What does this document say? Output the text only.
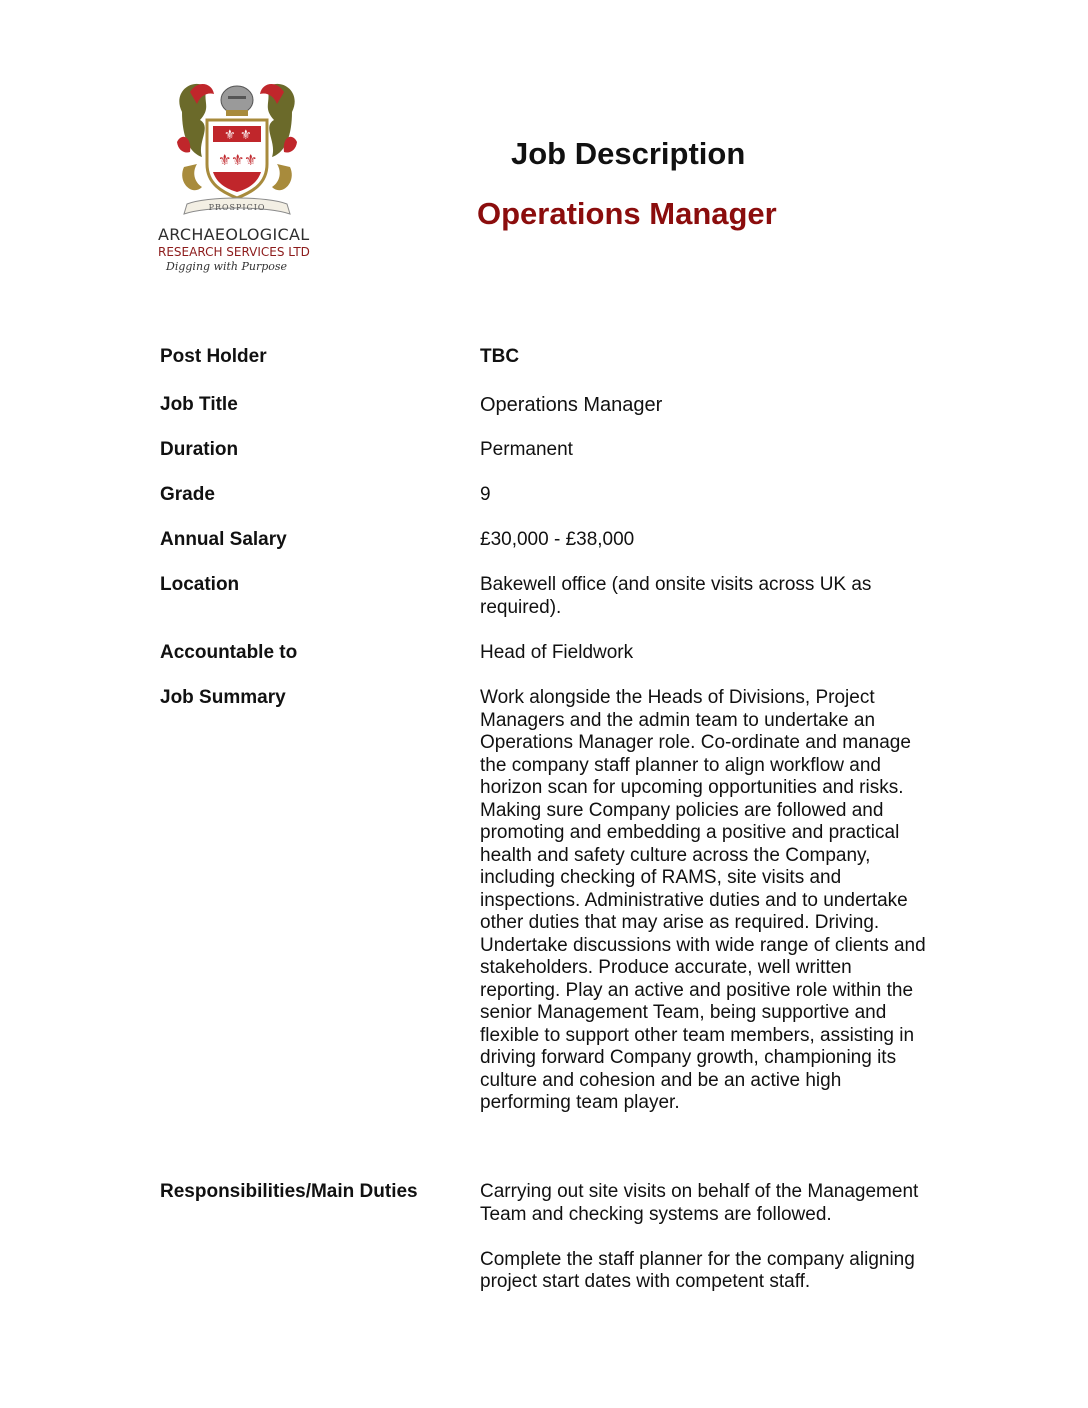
⚜ ⚜
⚜ ⚜ ⚜
PROSPICIO
ARCHAEOLOGICAL
RESEARCH SERVICES LTD
Digging with Purpose
Job Description
Operations Manager
Post Holder	TBC
Job Title	Operations Manager
Duration	Permanent
Grade	9
Annual Salary	£30,000 - £38,000
Location	Bakewell office (and onsite visits across UK as required).
Accountable to	Head of Fieldwork
Job Summary	Work alongside the Heads of Divisions, Project Managers and the admin team to undertake an Operations Manager role. Co-ordinate and manage the company staff planner to align workflow and horizon scan for upcoming opportunities and risks. Making sure Company policies are followed and promoting and embedding a positive and practical health and safety culture across the Company, including checking of RAMS, site visits and inspections. Administrative duties and to undertake other duties that may arise as required. Driving. Undertake discussions with wide range of clients and stakeholders. Produce accurate, well written reporting. Play an active and positive role within the senior Management Team, being supportive and flexible to support other team members, assisting in driving forward Company growth, championing its culture and cohesion and be an active high performing team player.
Responsibilities/Main Duties	Carrying out site visits on behalf of the Management Team and checking systems are followed.

Complete the staff planner for the company aligning project start dates with competent staff.
